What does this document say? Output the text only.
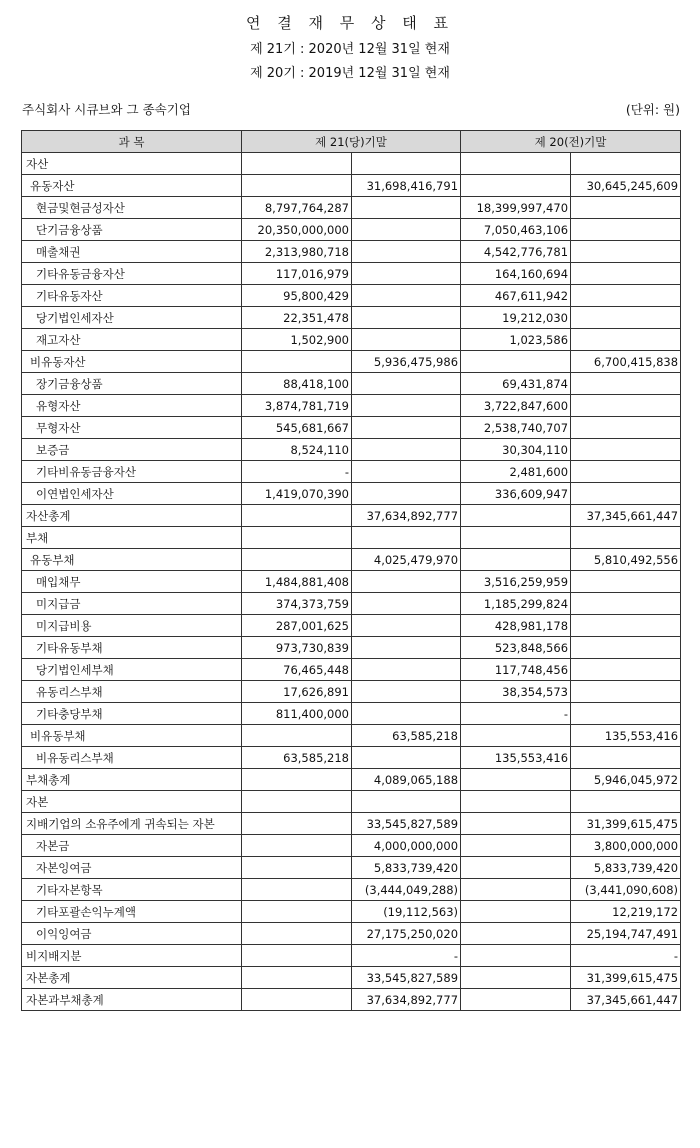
연 결 재 무 상 태 표
제 21기 : 2020년 12월 31일 현재
제 20기 : 2019년 12월 31일 현재
주식회사 시큐브와 그 종속기업	(단위: 원)
과 목	제 21(당)기말		제 20(전)기말	
자산				
유동자산		31,698,416,791		30,645,245,609
현금및현금성자산	8,797,764,287		18,399,997,470	
단기금융상품	20,350,000,000		7,050,463,106	
매출채권	2,313,980,718		4,542,776,781	
기타유동금융자산	117,016,979		164,160,694	
기타유동자산	95,800,429		467,611,942	
당기법인세자산	22,351,478		19,212,030	
재고자산	1,502,900		1,023,586	
비유동자산		5,936,475,986		6,700,415,838
장기금융상품	88,418,100		69,431,874	
유형자산	3,874,781,719		3,722,847,600	
무형자산	545,681,667		2,538,740,707	
보증금	8,524,110		30,304,110	
기타비유동금융자산	-		2,481,600	
이연법인세자산	1,419,070,390		336,609,947	
자산총계		37,634,892,777		37,345,661,447
부채				
유동부채		4,025,479,970		5,810,492,556
매입채무	1,484,881,408		3,516,259,959	
미지급금	374,373,759		1,185,299,824	
미지급비용	287,001,625		428,981,178	
기타유동부채	973,730,839		523,848,566	
당기법인세부채	76,465,448		117,748,456	
유동리스부채	17,626,891		38,354,573	
기타충당부채	811,400,000		-	
비유동부채		63,585,218		135,553,416
비유동리스부채	63,585,218		135,553,416	
부채총계		4,089,065,188		5,946,045,972
자본				
지배기업의 소유주에게 귀속되는 자본		33,545,827,589		31,399,615,475
자본금		4,000,000,000		3,800,000,000
자본잉여금		5,833,739,420		5,833,739,420
기타자본항목		(3,444,049,288)		(3,441,090,608)
기타포괄손익누계액		(19,112,563)		12,219,172
이익잉여금		27,175,250,020		25,194,747,491
비지배지분		-		-
자본총계		33,545,827,589		31,399,615,475
자본과부채총계		37,634,892,777		37,345,661,447
